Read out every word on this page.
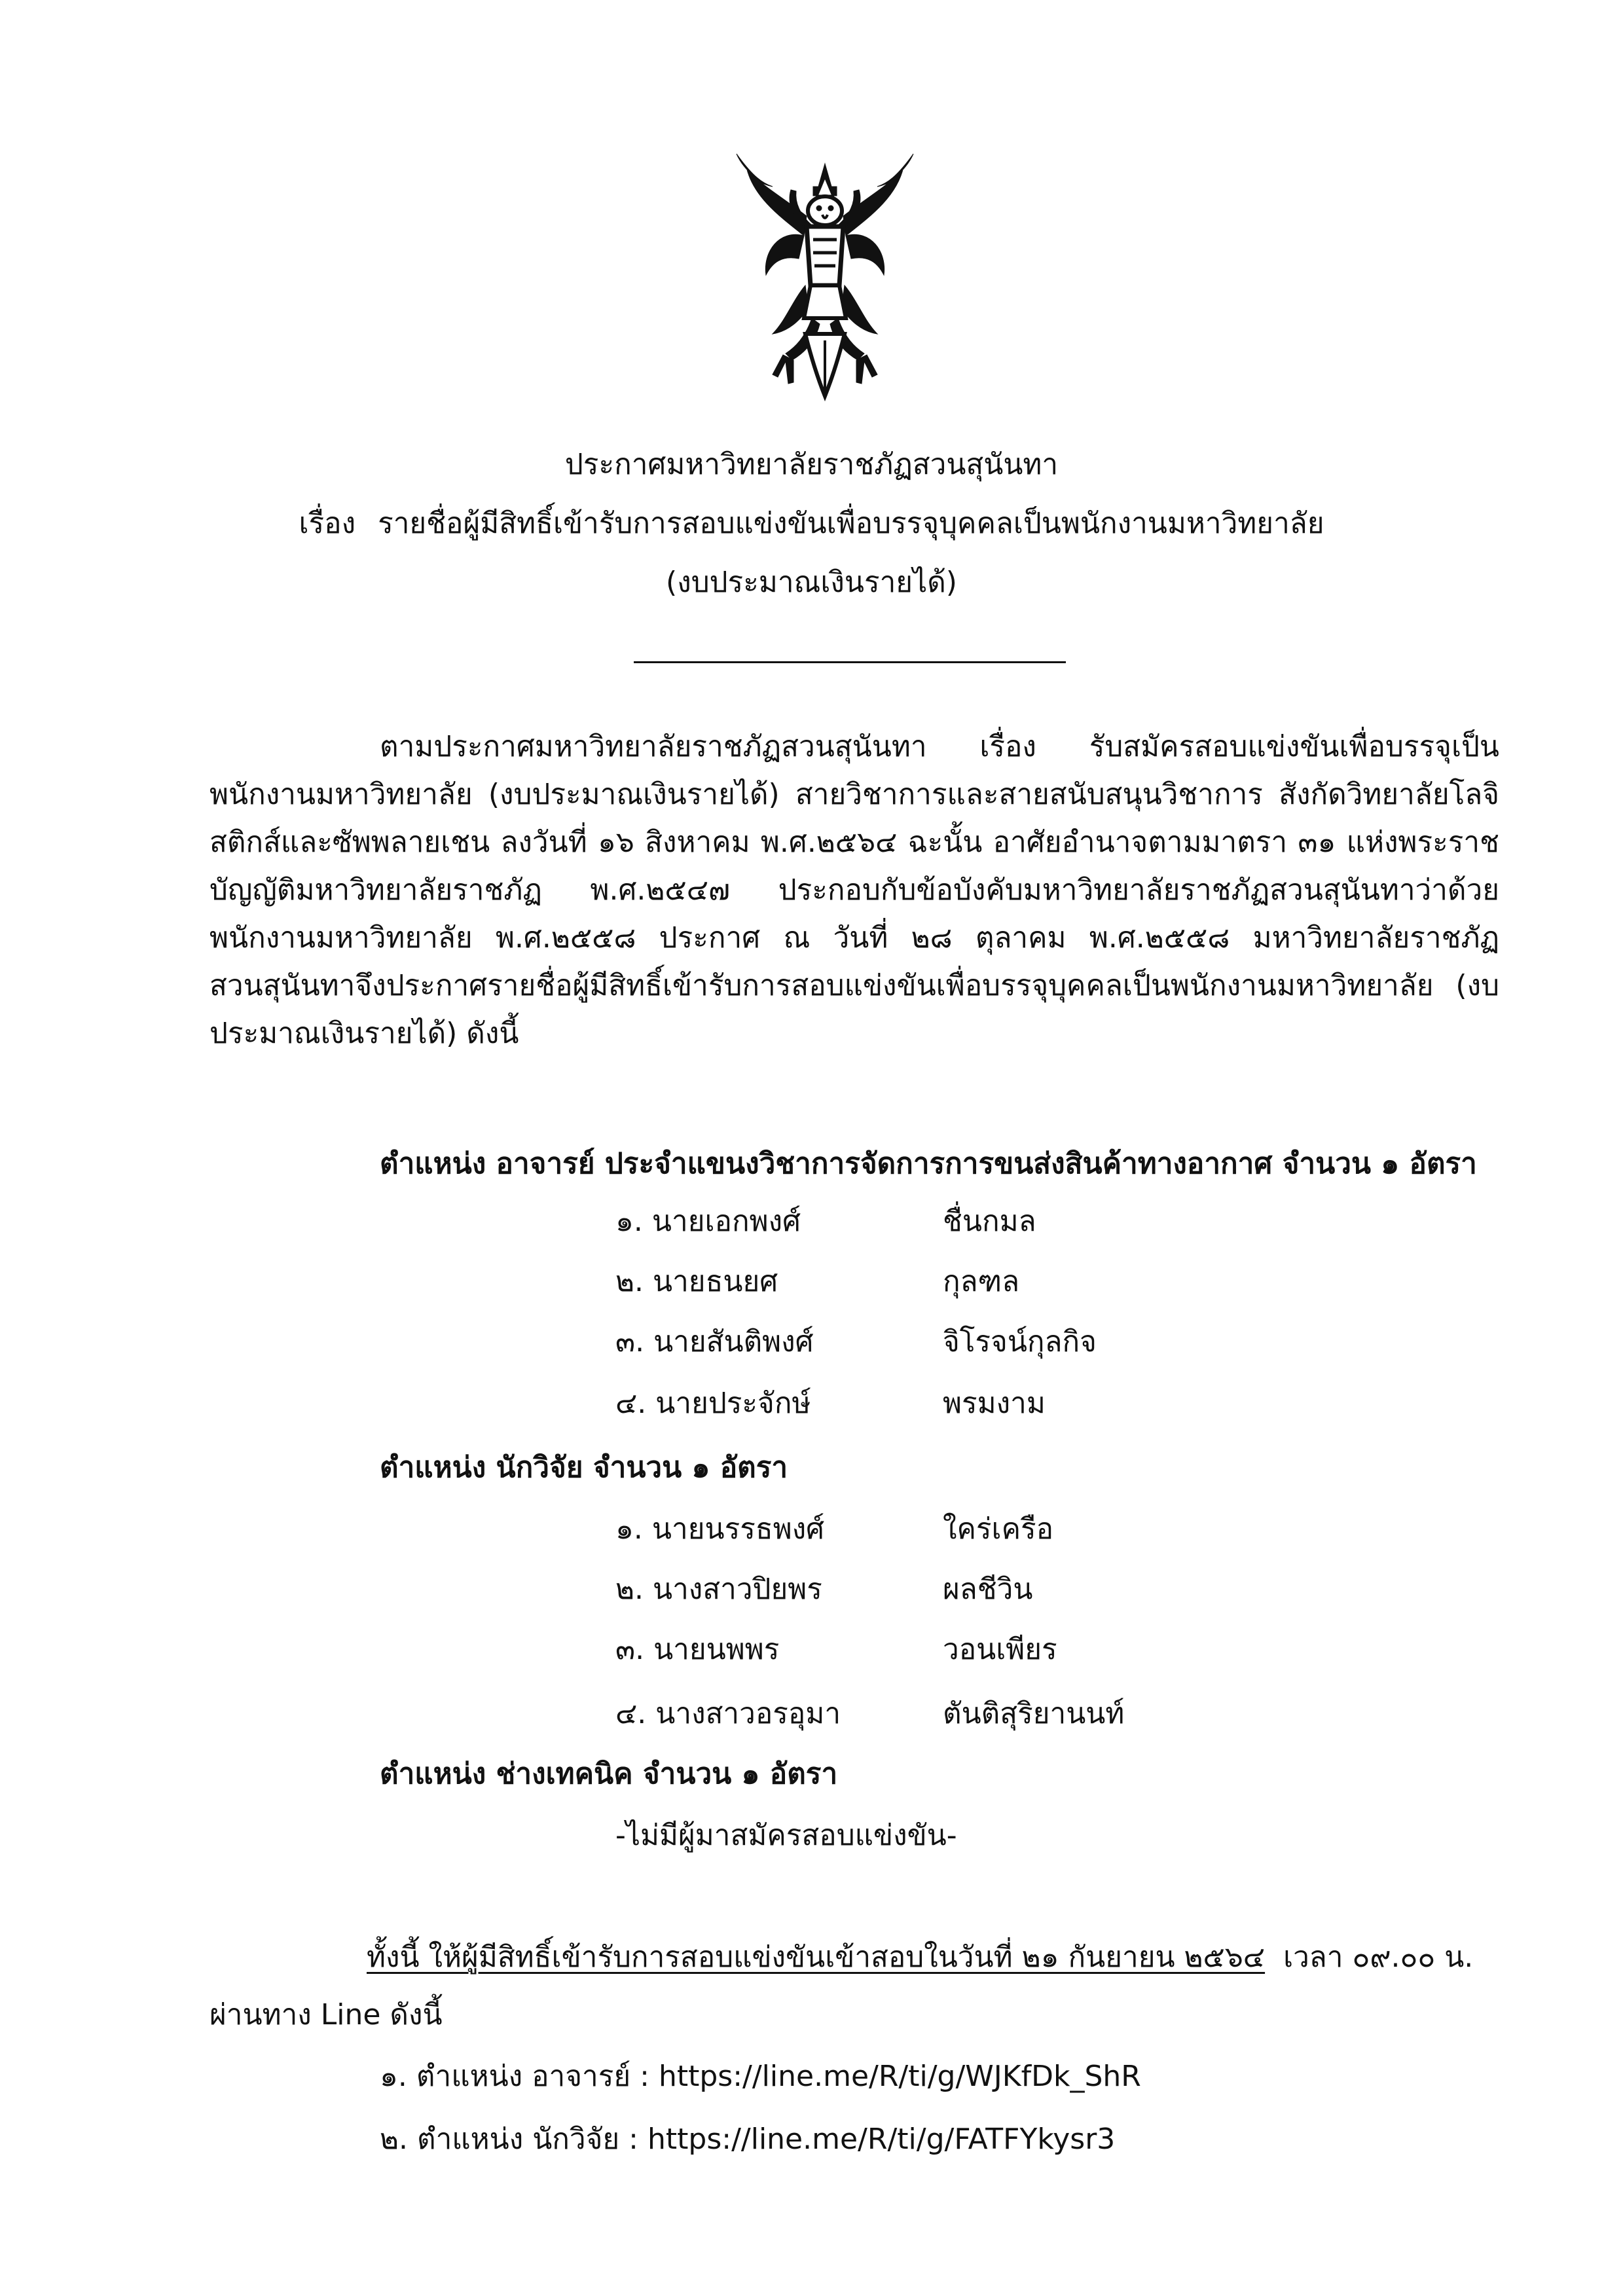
ประกาศมหาวิทยาลัยราชภัฏสวนสุนันทา
เรื่อง รายชื่อผู้มีสิทธิ์เข้ารับการสอบแข่งขันเพื่อบรรจุบุคคลเป็นพนักงานมหาวิทยาลัย
(งบประมาณเงินรายได้)

ตามประกาศมหาวิทยาลัยราชภัฏสวนสุนันทา เรื่อง รับสมัครสอบแข่งขันเพื่อบรรจุเป็นพนักงานมหาวิทยาลัย (งบประมาณเงินรายได้) สายวิชาการและสายสนับสนุนวิชาการ สังกัดวิทยาลัยโลจิสติกส์และซัพพลายเชน ลงวันที่ ๑๖ สิงหาคม พ.ศ.๒๕๖๔ ฉะนั้น อาศัยอำนาจตามมาตรา ๓๑ แห่งพระราชบัญญัติมหาวิทยาลัยราชภัฏ พ.ศ.๒๕๔๗ ประกอบกับข้อบังคับมหาวิทยาลัยราชภัฏสวนสุนันทาว่าด้วยพนักงานมหาวิทยาลัย พ.ศ.๒๕๕๘ ประกาศ ณ วันที่ ๒๘ ตุลาคม พ.ศ.๒๕๕๘ มหาวิทยาลัยราชภัฏสวนสุนันทาจึงประกาศรายชื่อผู้มีสิทธิ์เข้ารับการสอบแข่งขันเพื่อบรรจุบุคคลเป็นพนักงานมหาวิทยาลัย (งบประมาณเงินรายได้) ดังนี้

ตำแหน่ง อาจารย์ ประจำแขนงวิชาการจัดการการขนส่งสินค้าทางอากาศ จำนวน ๑ อัตรา
๑. นายเอกพงศ์	ชื่นกมล
๒. นายธนยศ	กุลฑล
๓. นายสันติพงศ์	จิโรจน์กุลกิจ
๔. นายประจักษ์	พรมงาม
ตำแหน่ง นักวิจัย จำนวน ๑ อัตรา
๑. นายนรรธพงศ์	ใคร่เครือ
๒. นางสาวปิยพร	ผลชีวิน
๓. นายนพพร	วอนเพียร
๔. นางสาวอรอุมา	ตันติสุริยานนท์
ตำแหน่ง ช่างเทคนิค จำนวน ๑ อัตรา
-ไม่มีผู้มาสมัครสอบแข่งขัน-
ทั้งนี้ ให้ผู้มีสิทธิ์เข้ารับการสอบแข่งขันเข้าสอบในวันที่ ๒๑ กันยายน ๒๕๖๔ เวลา ๐๙.๐๐ น.
ผ่านทาง Line ดังนี้
๑. ตำแหน่ง อาจารย์ : https://line.me/R/ti/g/WJKfDk_ShR
๒. ตำแหน่ง นักวิจัย : https://line.me/R/ti/g/FATFYkysr3
